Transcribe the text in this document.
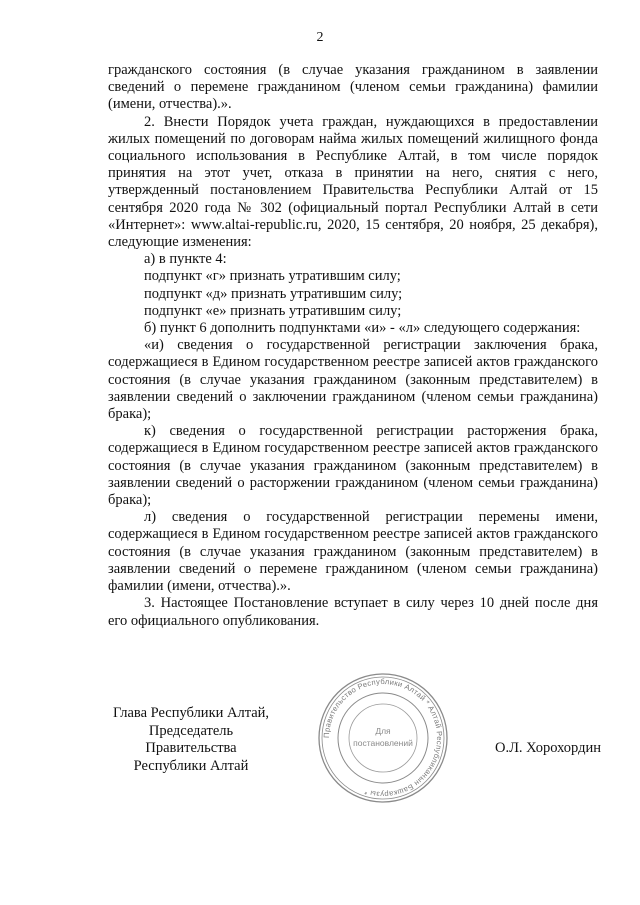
2

гражданского состояния (в случае указания гражданином в заявлении сведений о перемене гражданином (членом семьи гражданина) фамилии (имени, отчества).».

2. Внести Порядок учета граждан, нуждающихся в предоставлении жилых помещений по договорам найма жилых помещений жилищного фонда социального использования в Республике Алтай, в том числе порядок принятия на этот учет, отказа в принятии на него, снятия с него, утвержденный постановлением Правительства Республики Алтай от 15 сентября 2020 года № 302 (официальный портал Республики Алтай в сети «Интернет»: www.altai-republic.ru, 2020, 15 сентября, 20 ноября, 25 декабря), следующие изменения:

а) в пункте 4:

подпункт «г» признать утратившим силу;

подпункт «д» признать утратившим силу;

подпункт «е» признать утратившим силу;

б) пункт 6 дополнить подпунктами «и» - «л» следующего содержания:

«и) сведения о государственной регистрации заключения брака, содержащиеся в Едином государственном реестре записей актов гражданского состояния (в случае указания гражданином (законным представителем) в заявлении сведений о заключении гражданином (членом семьи гражданина) брака);

к) сведения о государственной регистрации расторжения брака, содержащиеся в Едином государственном реестре записей актов гражданского состояния (в случае указания гражданином (законным представителем) в заявлении сведений о расторжении гражданином (членом семьи гражданина) брака);

л) сведения о государственной регистрации перемены имени, содержащиеся в Едином государственном реестре записей актов гражданского состояния (в случае указания гражданином (законным представителем) в заявлении сведений о перемене гражданином (членом семьи гражданина) фамилии (имени, отчества).».

3. Настоящее Постановление вступает в силу через 10 дней после дня его официального опубликования.

Глава Республики Алтай,
Председатель Правительства
Республики Алтай
Правительство Республики Алтай * Алтай Республиканын Башкарузы *
Для
постановлений	О.Л. Хорохордин
